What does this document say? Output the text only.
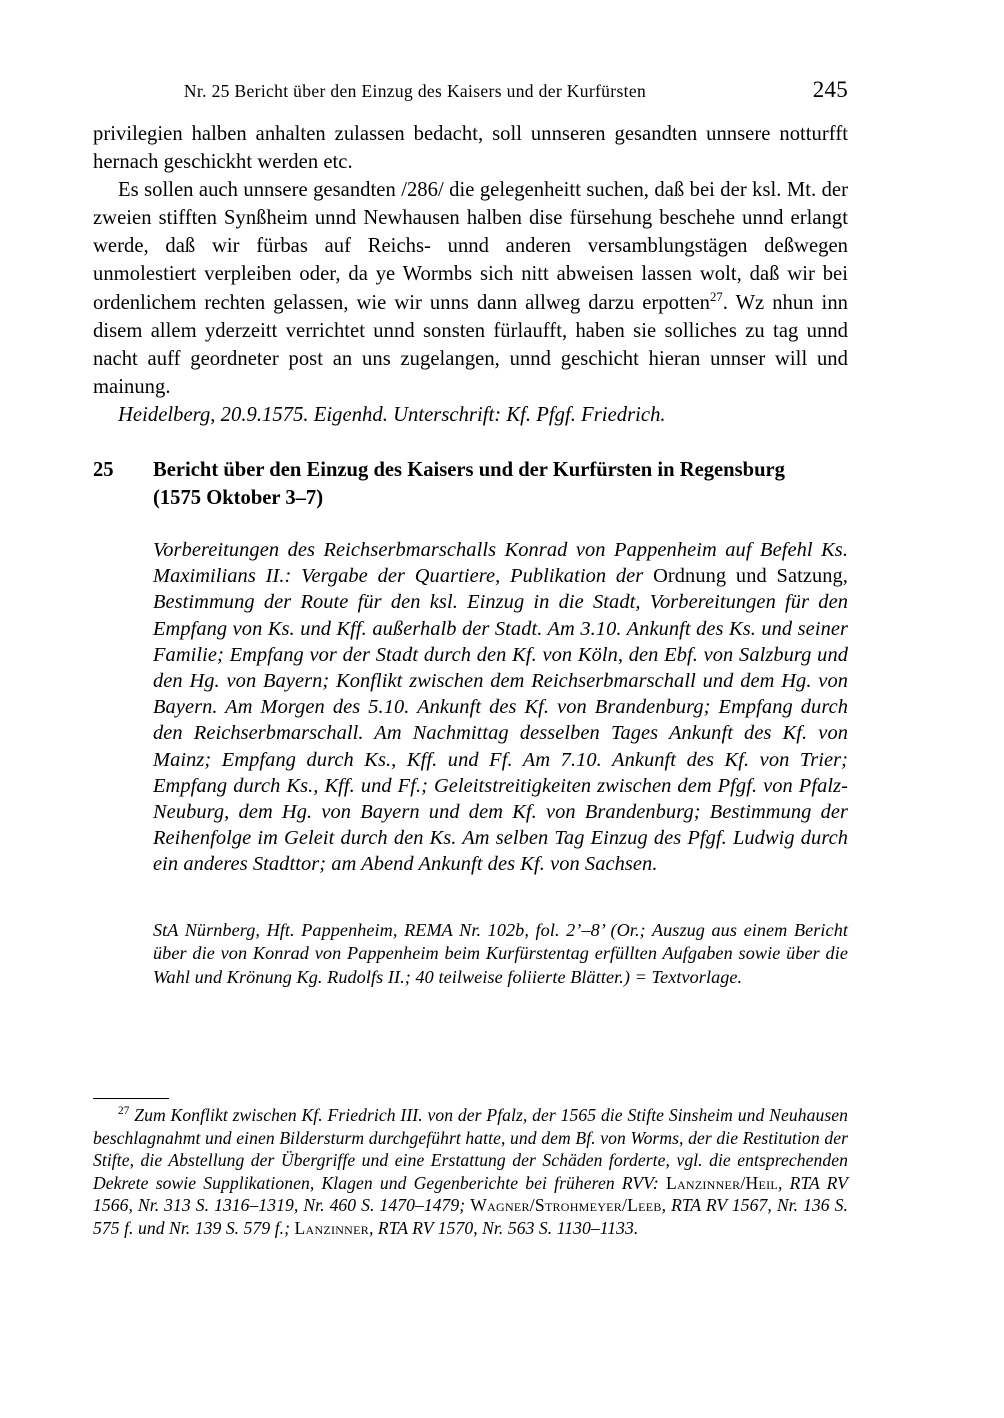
Nr. 25 Bericht über den Einzug des Kaisers und der Kurfürsten	245

privilegien halben anhalten zulassen bedacht, soll unnseren gesandten unnsere notturfft hernach geschickht werden etc.

Es sollen auch unnsere gesandten /286/ die gelegenheitt suchen, daß bei der ksl. Mt. der zweien stifften Synßheim unnd Newhausen halben dise fürsehung beschehe unnd erlangt werde, daß wir fürbas auf Reichs- unnd anderen versamblungstägen deßwegen unmolestiert verpleiben oder, da ye Wormbs sich nitt abweisen lassen wolt, daß wir bei ordenlichem rechten gelassen, wie wir unns dann allweg darzu erpotten$^{27}$. Wz nhun inn disem allem yderzeitt verrichtet unnd sonsten fürlaufft, haben sie solliches zu tag unnd nacht auff geordneter post an uns zugelangen, unnd geschicht hieran unnser will und mainung.

Heidelberg, 20.9.1575. Eigenhd. Unterschrift: Kf. Pfgf. Friedrich.

25	Bericht über den Einzug des Kaisers und der Kurfürsten in Regensburg
(1575 Oktober 3–7)
Vorbereitungen des Reichserbmarschalls Konrad von Pappenheim auf Befehl Ks. Maximilians II.: Vergabe der Quartiere, Publikation der Ordnung und Satzung, Bestimmung der Route für den ksl. Einzug in die Stadt, Vorbereitungen für den Empfang von Ks. und Kff. außerhalb der Stadt. Am 3.10. Ankunft des Ks. und seiner Familie; Empfang vor der Stadt durch den Kf. von Köln, den Ebf. von Salzburg und den Hg. von Bayern; Konflikt zwischen dem Reichserbmarschall und dem Hg. von Bayern. Am Morgen des 5.10. Ankunft des Kf. von Brandenburg; Empfang durch den Reichserbmarschall. Am Nachmittag desselben Tages Ankunft des Kf. von Mainz; Empfang durch Ks., Kff. und Ff. Am 7.10. Ankunft des Kf. von Trier; Empfang durch Ks., Kff. und Ff.; Geleitstreitigkeiten zwischen dem Pfgf. von Pfalz-Neuburg, dem Hg. von Bayern und dem Kf. von Brandenburg; Bestimmung der Reihenfolge im Geleit durch den Ks. Am selben Tag Einzug des Pfgf. Ludwig durch ein anderes Stadttor; am Abend Ankunft des Kf. von Sachsen.
StA Nürnberg, Hft. Pappenheim, REMA Nr. 102b, fol. 2’–8’ (Or.; Auszug aus einem Bericht über die von Konrad von Pappenheim beim Kurfürstentag erfüllten Aufgaben sowie über die Wahl und Krönung Kg. Rudolfs II.; 40 teilweise foliierte Blätter.) = Textvorlage.

$^{27}$ Zum Konflikt zwischen Kf. Friedrich III. von der Pfalz, der 1565 die Stifte Sinsheim und Neuhausen beschlagnahmt und einen Bildersturm durchgeführt hatte, und dem Bf. von Worms, der die Restitution der Stifte, die Abstellung der Übergriffe und eine Erstattung der Schäden forderte, vgl. die entsprechenden Dekrete sowie Supplikationen, Klagen und Gegenberichte bei früheren RVV: Lanzinner/Heil, RTA RV 1566, Nr. 313 S. 1316–1319, Nr. 460 S. 1470–1479; Wagner/Strohmeyer/Leeb, RTA RV 1567, Nr. 136 S. 575 f. und Nr. 139 S. 579 f.; Lanzinner, RTA RV 1570, Nr. 563 S. 1130–1133.
